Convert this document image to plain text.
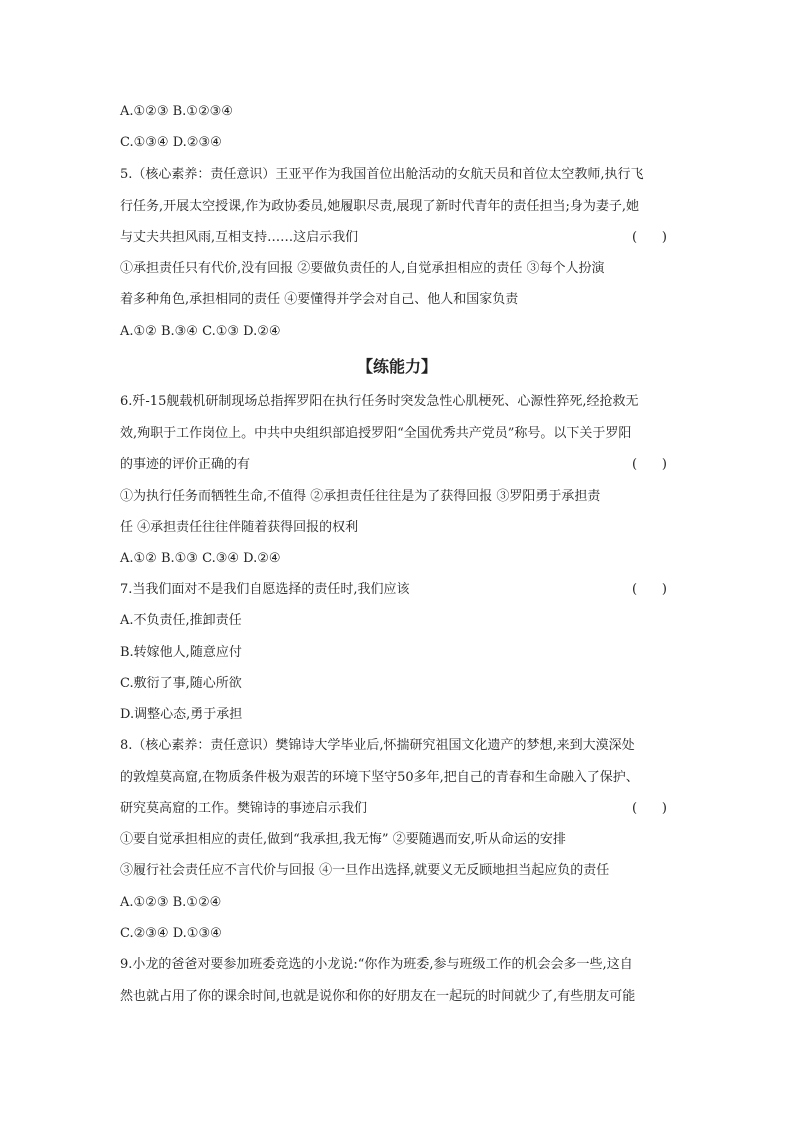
A.①②③ B.①②③④
C.①③④ D.②③④
5.（核心素养：责任意识）王亚平作为我国首位出舱活动的女航天员和首位太空教师,执行飞
行任务,开展太空授课,作为政协委员,她履职尽责,展现了新时代青年的责任担当;身为妻子,她
与丈夫共担风雨,互相支持……这启示我们	(      )
①承担责任只有代价,没有回报 ②要做负责任的人,自觉承担相应的责任 ③每个人扮演
着多种角色,承担相同的责任 ④要懂得并学会对自己、他人和国家负责
A.①② B.③④ C.①③ D.②④
【练能力】
6.歼-15舰载机研制现场总指挥罗阳在执行任务时突发急性心肌梗死、心源性猝死,经抢救无
效,殉职于工作岗位上。中共中央组织部追授罗阳“全国优秀共产党员”称号。以下关于罗阳
的事迹的评价正确的有	(      )
①为执行任务而牺牲生命,不值得 ②承担责任往往是为了获得回报 ③罗阳勇于承担责
任 ④承担责任往往伴随着获得回报的权利
A.①② B.①③ C.③④ D.②④
7.当我们面对不是我们自愿选择的责任时,我们应该	(      )
A.不负责任,推卸责任
B.转嫁他人,随意应付
C.敷衍了事,随心所欲
D.调整心态,勇于承担
8.（核心素养：责任意识）樊锦诗大学毕业后,怀揣研究祖国文化遗产的梦想,来到大漠深处
的敦煌莫高窟,在物质条件极为艰苦的环境下坚守50多年,把自己的青春和生命融入了保护、
研究莫高窟的工作。樊锦诗的事迹启示我们	(      )
①要自觉承担相应的责任,做到“我承担,我无悔” ②要随遇而安,听从命运的安排
③履行社会责任应不言代价与回报 ④一旦作出选择,就要义无反顾地担当起应负的责任
A.①②③ B.①②④
C.②③④ D.①③④
9.小龙的爸爸对要参加班委竞选的小龙说:“你作为班委,参与班级工作的机会会多一些,这自
然也就占用了你的课余时间,也就是说你和你的好朋友在一起玩的时间就少了,有些朋友可能
